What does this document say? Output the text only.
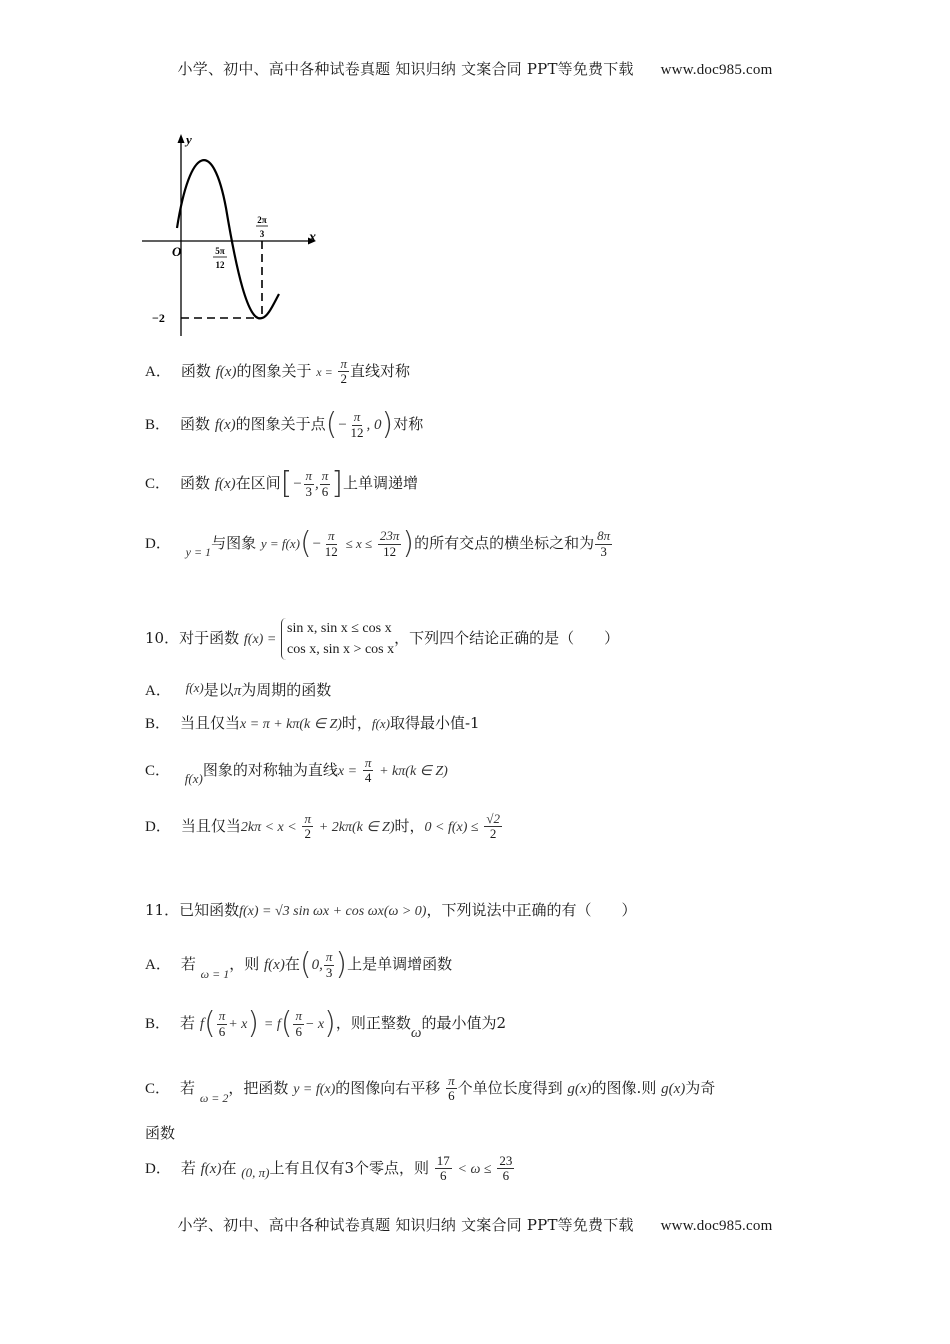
小学、初中、高中各种试卷真题 知识归纳 文案合同 PPT等免费下载 www.doc985.com
y
x
O	5π
12
2π
3
−2
A． 函数 f(x)的图象关于 $x = \frac{\pi}{2}$ 直线对称
B． 函数 f(x)的图象关于点(− $\frac{\pi}{12}$ , 0)对称
C． 函数 f(x)在区间[− $\frac{\pi}{3}$ , $\frac{\pi}{6}$ ]上单调递增
D． $_{y = 1}$与图象 $y = f(x)(- \frac{\pi}{12} \le x \le \frac{23\pi}{12}$ )的所有交点的横坐标之和为 $\frac{8\pi}{3}$
10．对于函数 f(x) =
sin x, sin x ≤ cos x
cos x, sin x > cos x
，下列四个结论正确的是（　　）
A． f(x)是以π为周期的函数
B． 当且仅当x = π + kπ(k ∈ Z)时，f(x)取得最小值-1
C． f(x)图象的对称轴为直线$x = \frac{\pi}{4} + k\pi(k$ ∈ Z)
D． 当且仅当$2k\pi < x < \frac{\pi}{2} + 2k\pi(k$ ∈ Z)时，$0 < f(x) \le \frac{√2}{2}$
11．已知函数f(x) = √3 sin ωx + cos ωx(ω > 0)，下列说法中正确的有（　　）
A． 若 $_{\omega = 1}$，则 f(x)在(0, $\frac{\pi}{3}$ )上是单调增函数
B． 若 $f( \frac{\pi}{6} + x) = f( \frac{\pi}{6} - x)$，则正整数ω的最小值为2
C． 若 $_{\omega = 2}$，把函数 y = f(x)的图像向右平移 $\frac{\pi}{6}$ 个单位长度得到 g(x)的图像.则 g(x)为奇
函数
D． 若 f(x)在 (0, π)上有且仅有3个零点，则 $\frac{17}{6} < \omega \le \frac{23}{6}$
小学、初中、高中各种试卷真题 知识归纳 文案合同 PPT等免费下载 www.doc985.com
